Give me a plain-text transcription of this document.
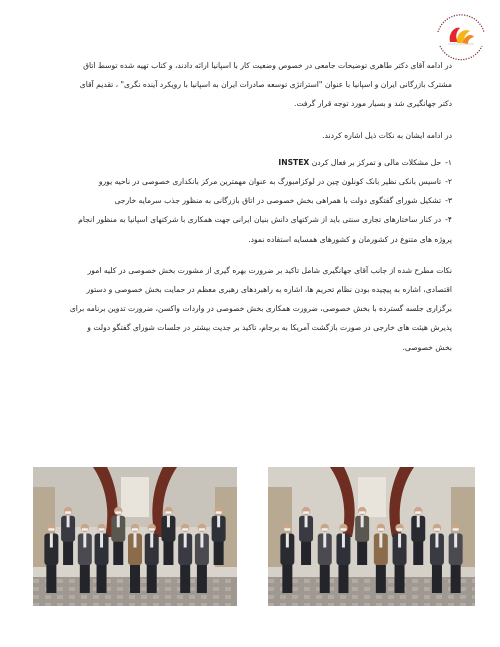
در ادامه آقای دکتر طاهری توضیحات جامعی در خصوص وضعیت کار با اسپانیا ارائه دادند، و کتاب تهیه شده توسط اتاق

مشترک بازرگانی ایران و اسپانیا با عنوان "استراتژی توسعه صادرات ایران به اسپانیا با رویکرد آینده نگری" ، تقدیم آقای

دکتر جهانگیری شد و بسیار مورد توجه قرار گرفت.

در ادامه ایشان به نکات ذیل اشاره کردند.

۱-
حل مشکلات مالی و تمرکز بر فعال کردن INSTEX
۲-
تاسیس بانکی نظیر بانک کونلون چین در لوکزامبورگ به عنوان مهمترین مرکز بانکداری خصوصی در ناحیه یورو
۳-
تشکیل شورای گفتگوی دولت با همراهی بخش خصوصی در اتاق بازرگانی به منظور جذب سرمایه خارجی
۴-
در کنار ساختارهای تجاری سنتی باید از شرکتهای دانش بنیان ایرانی جهت همکاری با شرکتهای اسپانیا به منظور انجام

پروژه های متنوع در کشورمان و کشورهای همسایه استفاده نمود.

نکات مطرح شده از جانب آقای جهانگیری شامل تاکید بر ضرورت بهره گیری از مشورت بخش خصوصی در کلیه امور

اقتصادی، اشاره به پیچیده بودن نظام تحریم ها، اشاره به راهبردهای رهبری معظم در حمایت بخش خصوصی و دستور

برگزاری جلسه گسترده با بخش خصوصی، ضرورت همکاری بخش خصوصی در واردات واکسن، ضرورت تدوین برنامه برای

پذیرش هیئت های خارجی در صورت بازگشت آمریکا به برجام، تاکید بر جدیت بیشتر در جلسات شورای گفتگو دولت و

بخش خصوصی.
